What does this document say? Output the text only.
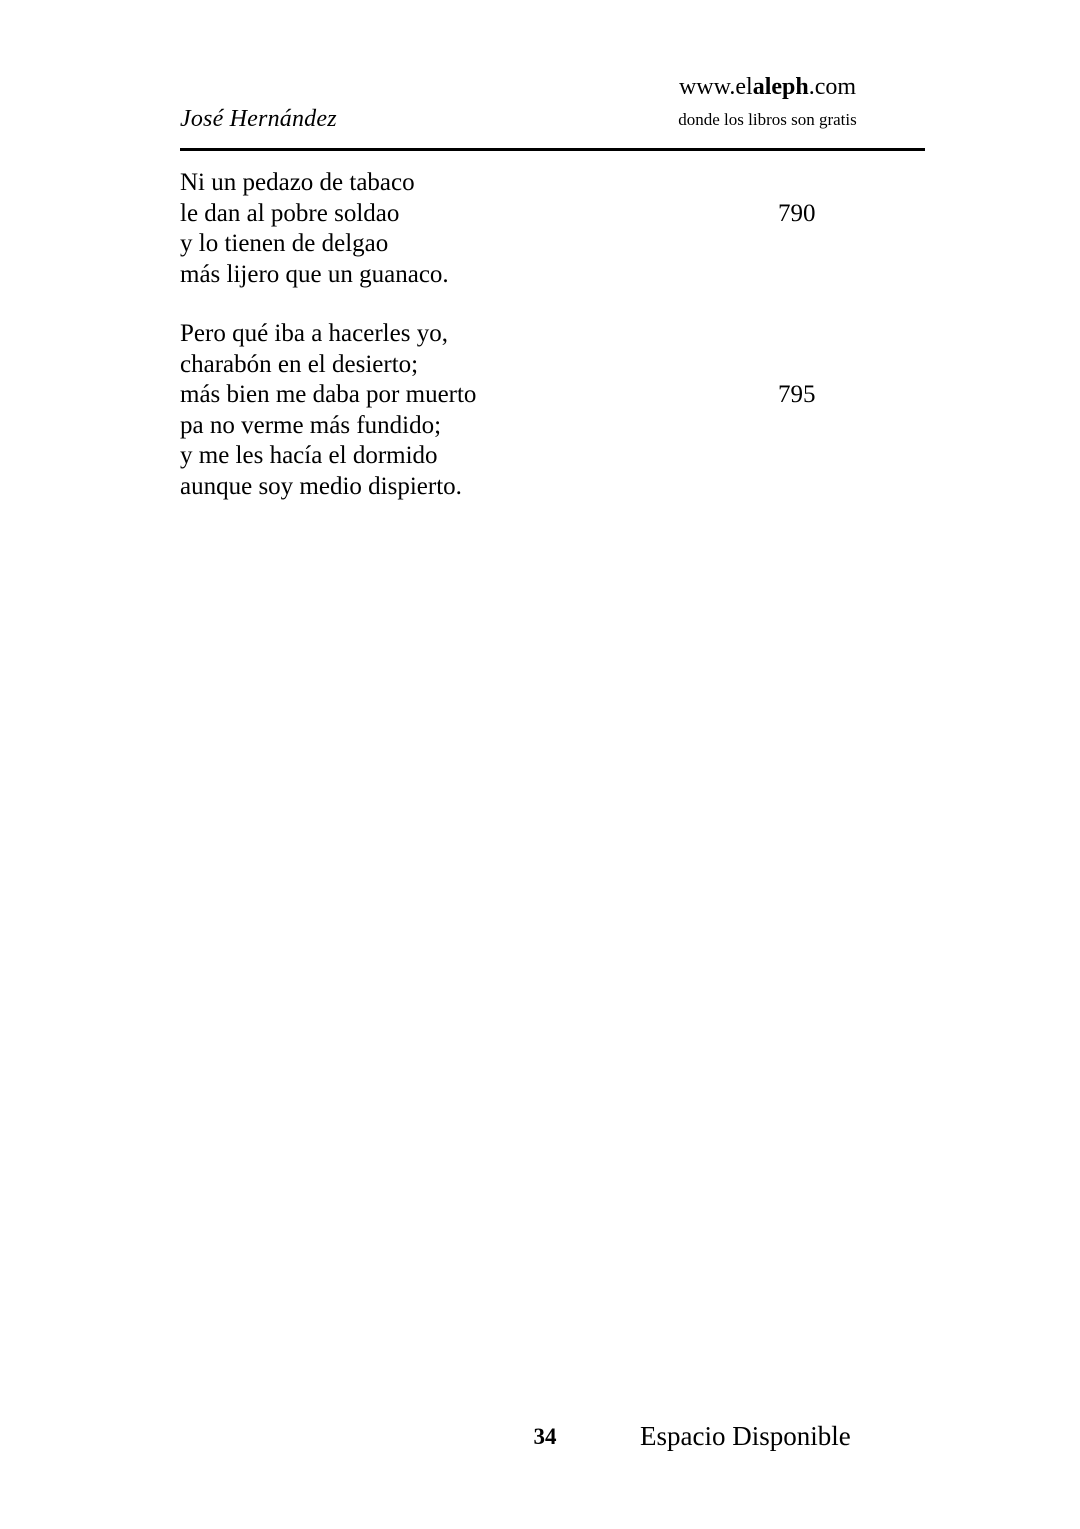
José Hernández
www.elaleph.com
donde los libros son gratis
Ni un pedazo de tabaco
le dan al pobre soldao	790
y lo tienen de delgao
más lijero que un guanaco.
Pero qué iba a hacerles yo,
charabón en el desierto;
más bien me daba por muerto	795
pa no verme más fundido;
y me les hacía el dormido
aunque soy medio dispierto.
34	Espacio Disponible
